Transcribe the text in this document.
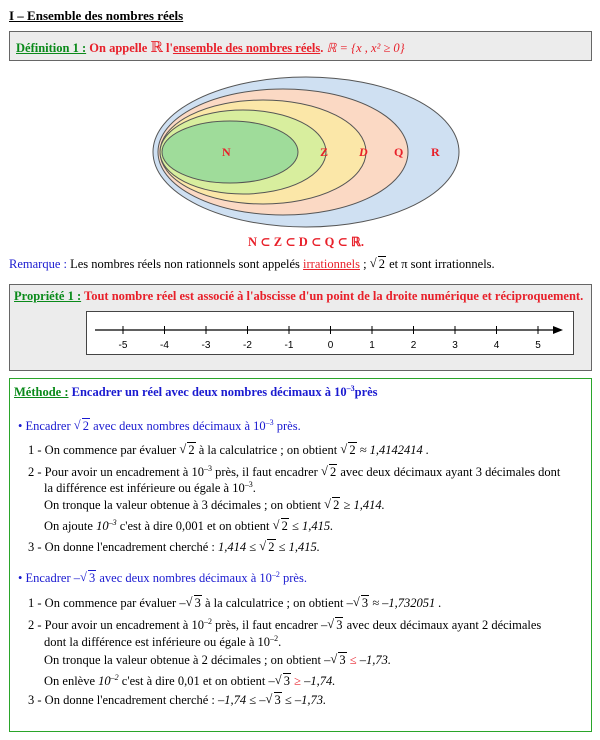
I – Ensemble des nombres réels
Définition 1 : On appelle ℝ l'ensemble des nombres réels. ℝ = {x , x² ≥ 0}
N	Z	D Q R
N ⊂ Z ⊂ D ⊂ Q ⊂ ℝ.
Remarque : Les nombres réels non rationnels sont appelés irrationnels ; √ 2 et π sont irrationnels.
Propriété 1 : Tout nombre réel est associé à l'abscisse d'un point de la droite numérique et réciproquement.
-5	-4	-3	-2	-1	0	1	2	3	4	5
Méthode : Encadrer un réel avec deux nombres décimaux à $10^{-3}près$
• Encadrer √ 2 avec deux nombres décimaux à $10^{-3}$ près.
1 - On commence par évaluer √ 2 à la calculatrice ; on obtient √ 2 ≈ 1,4142414 .
2 - Pour avoir un encadrement à $10^{-3}$ près, il faut encadrer √ 2 avec deux décimaux ayant 3 décimales dont
la différence est inférieure ou égale à $10^{-3}$.
On tronque la valeur obtenue à 3 décimales ; on obtient √ 2 ≥ 1,414.
On ajoute $10^{-3}$ c'est à dire 0,001 et on obtient √ 2 ≤ 1,415.
3 - On donne l'encadrement cherché : 1,414 ≤ √ 2 ≤ 1,415.
• Encadrer – √ 3 avec deux nombres décimaux à $10^{-2}$ près.
1 - On commence par évaluer – √ 3 à la calculatrice ; on obtient – √ 3 ≈ –1,732051 .
2 - Pour avoir un encadrement à $10^{-2}$ près, il faut encadrer – √ 3 avec deux décimaux ayant 2 décimales
dont la différence est inférieure ou égale à $10^{-2}$.
On tronque la valeur obtenue à 2 décimales ; on obtient – √ 3 ≤ –1,73.
On enlève $10^{-2}$ c'est à dire 0,01 et on obtient – √ 3 ≥ –1,74.
3 - On donne l'encadrement cherché : –1,74 ≤ – √ 3 ≤ –1,73.
